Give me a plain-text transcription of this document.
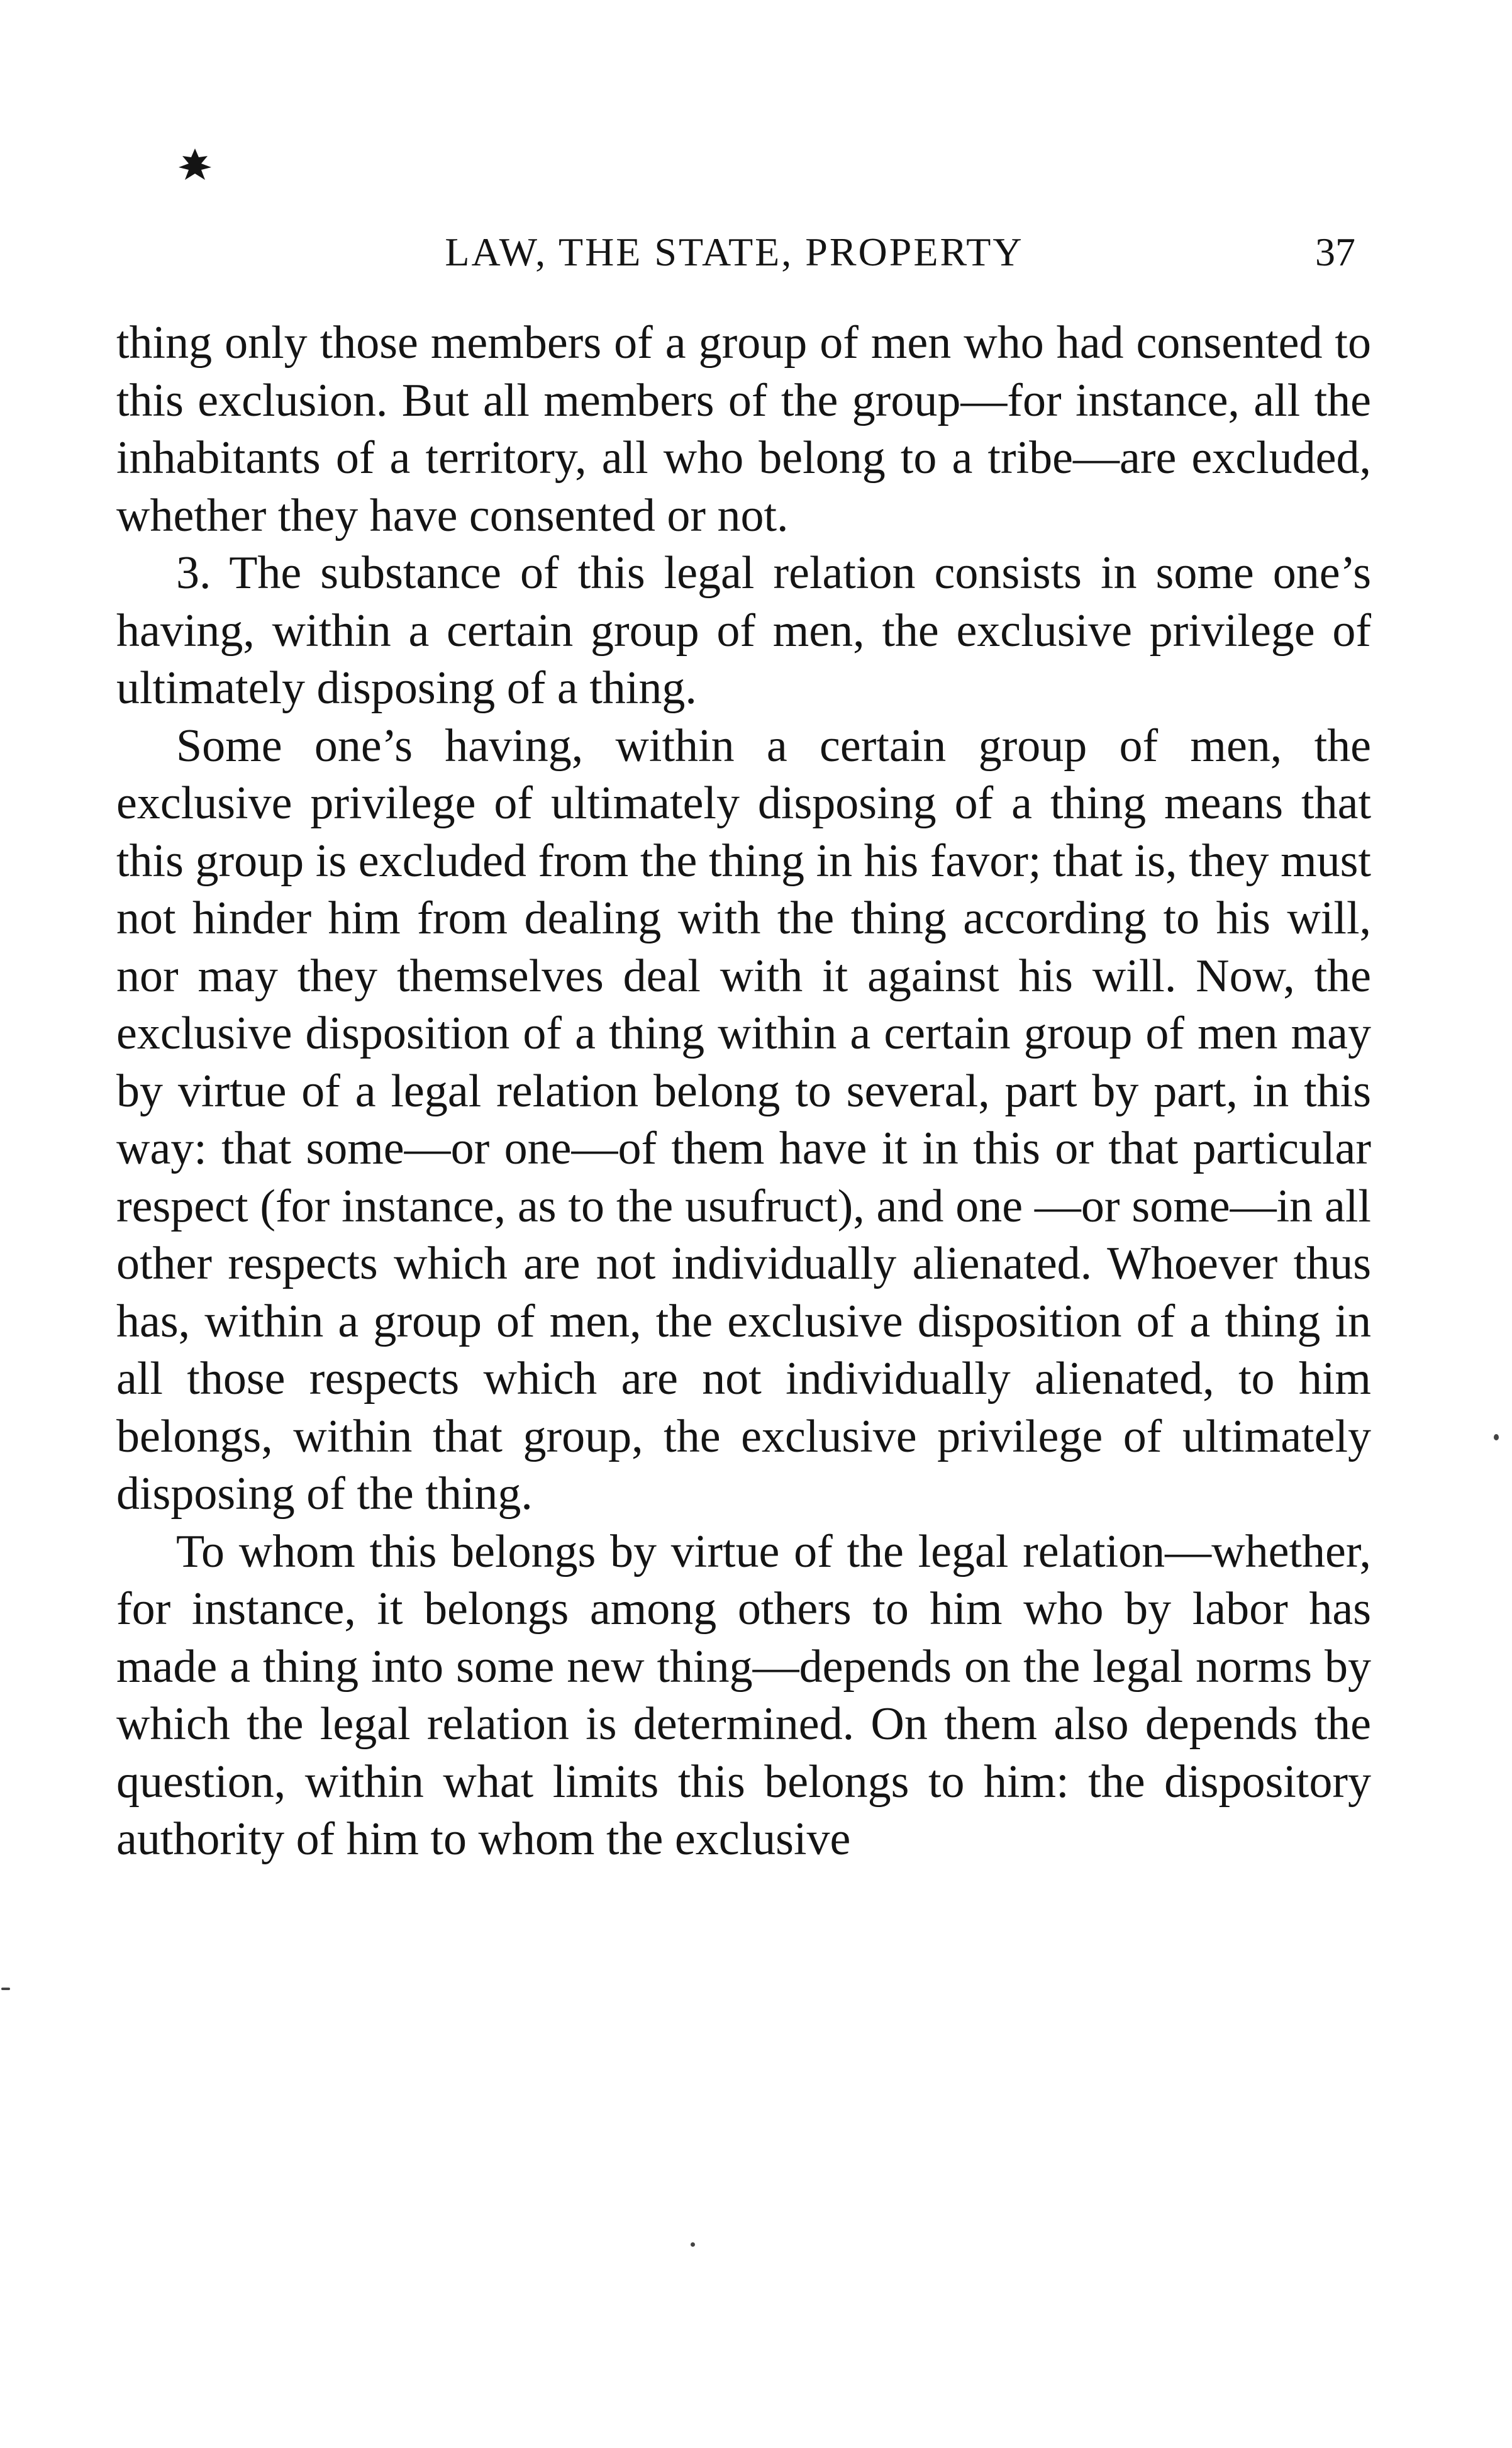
LAW, THE STATE, PROPERTY	37

thing only those members of a group of men who had consented to this exclusion. But all members of the group—for instance, all the inhabitants of a territory, all who belong to a tribe—are excluded, whether they have consented or not.

3. The substance of this legal relation consists in some one’s having, within a certain group of men, the exclusive privilege of ultimately disposing of a thing.

Some one’s having, within a certain group of men, the exclusive privilege of ultimately disposing of a thing means that this group is excluded from the thing in his favor; that is, they must not hinder him from dealing with the thing according to his will, nor may they themselves deal with it against his will. Now, the exclusive disposition of a thing within a certain group of men may by virtue of a legal relation belong to several, part by part, in this way: that some—or one—of them have it in this or that particular respect (for instance, as to the usufruct), and one —or some—in all other respects which are not individually alienated. Whoever thus has, within a group of men, the exclusive disposition of a thing in all those respects which are not individually alienated, to him belongs, within that group, the exclusive privilege of ultimately disposing of the thing.

To whom this belongs by virtue of the legal relation—whether, for instance, it belongs among others to him who by labor has made a thing into some new thing—depends on the legal norms by which the legal relation is determined. On them also depends the question, within what limits this belongs to him: the dispository authority of him to whom the exclusive
